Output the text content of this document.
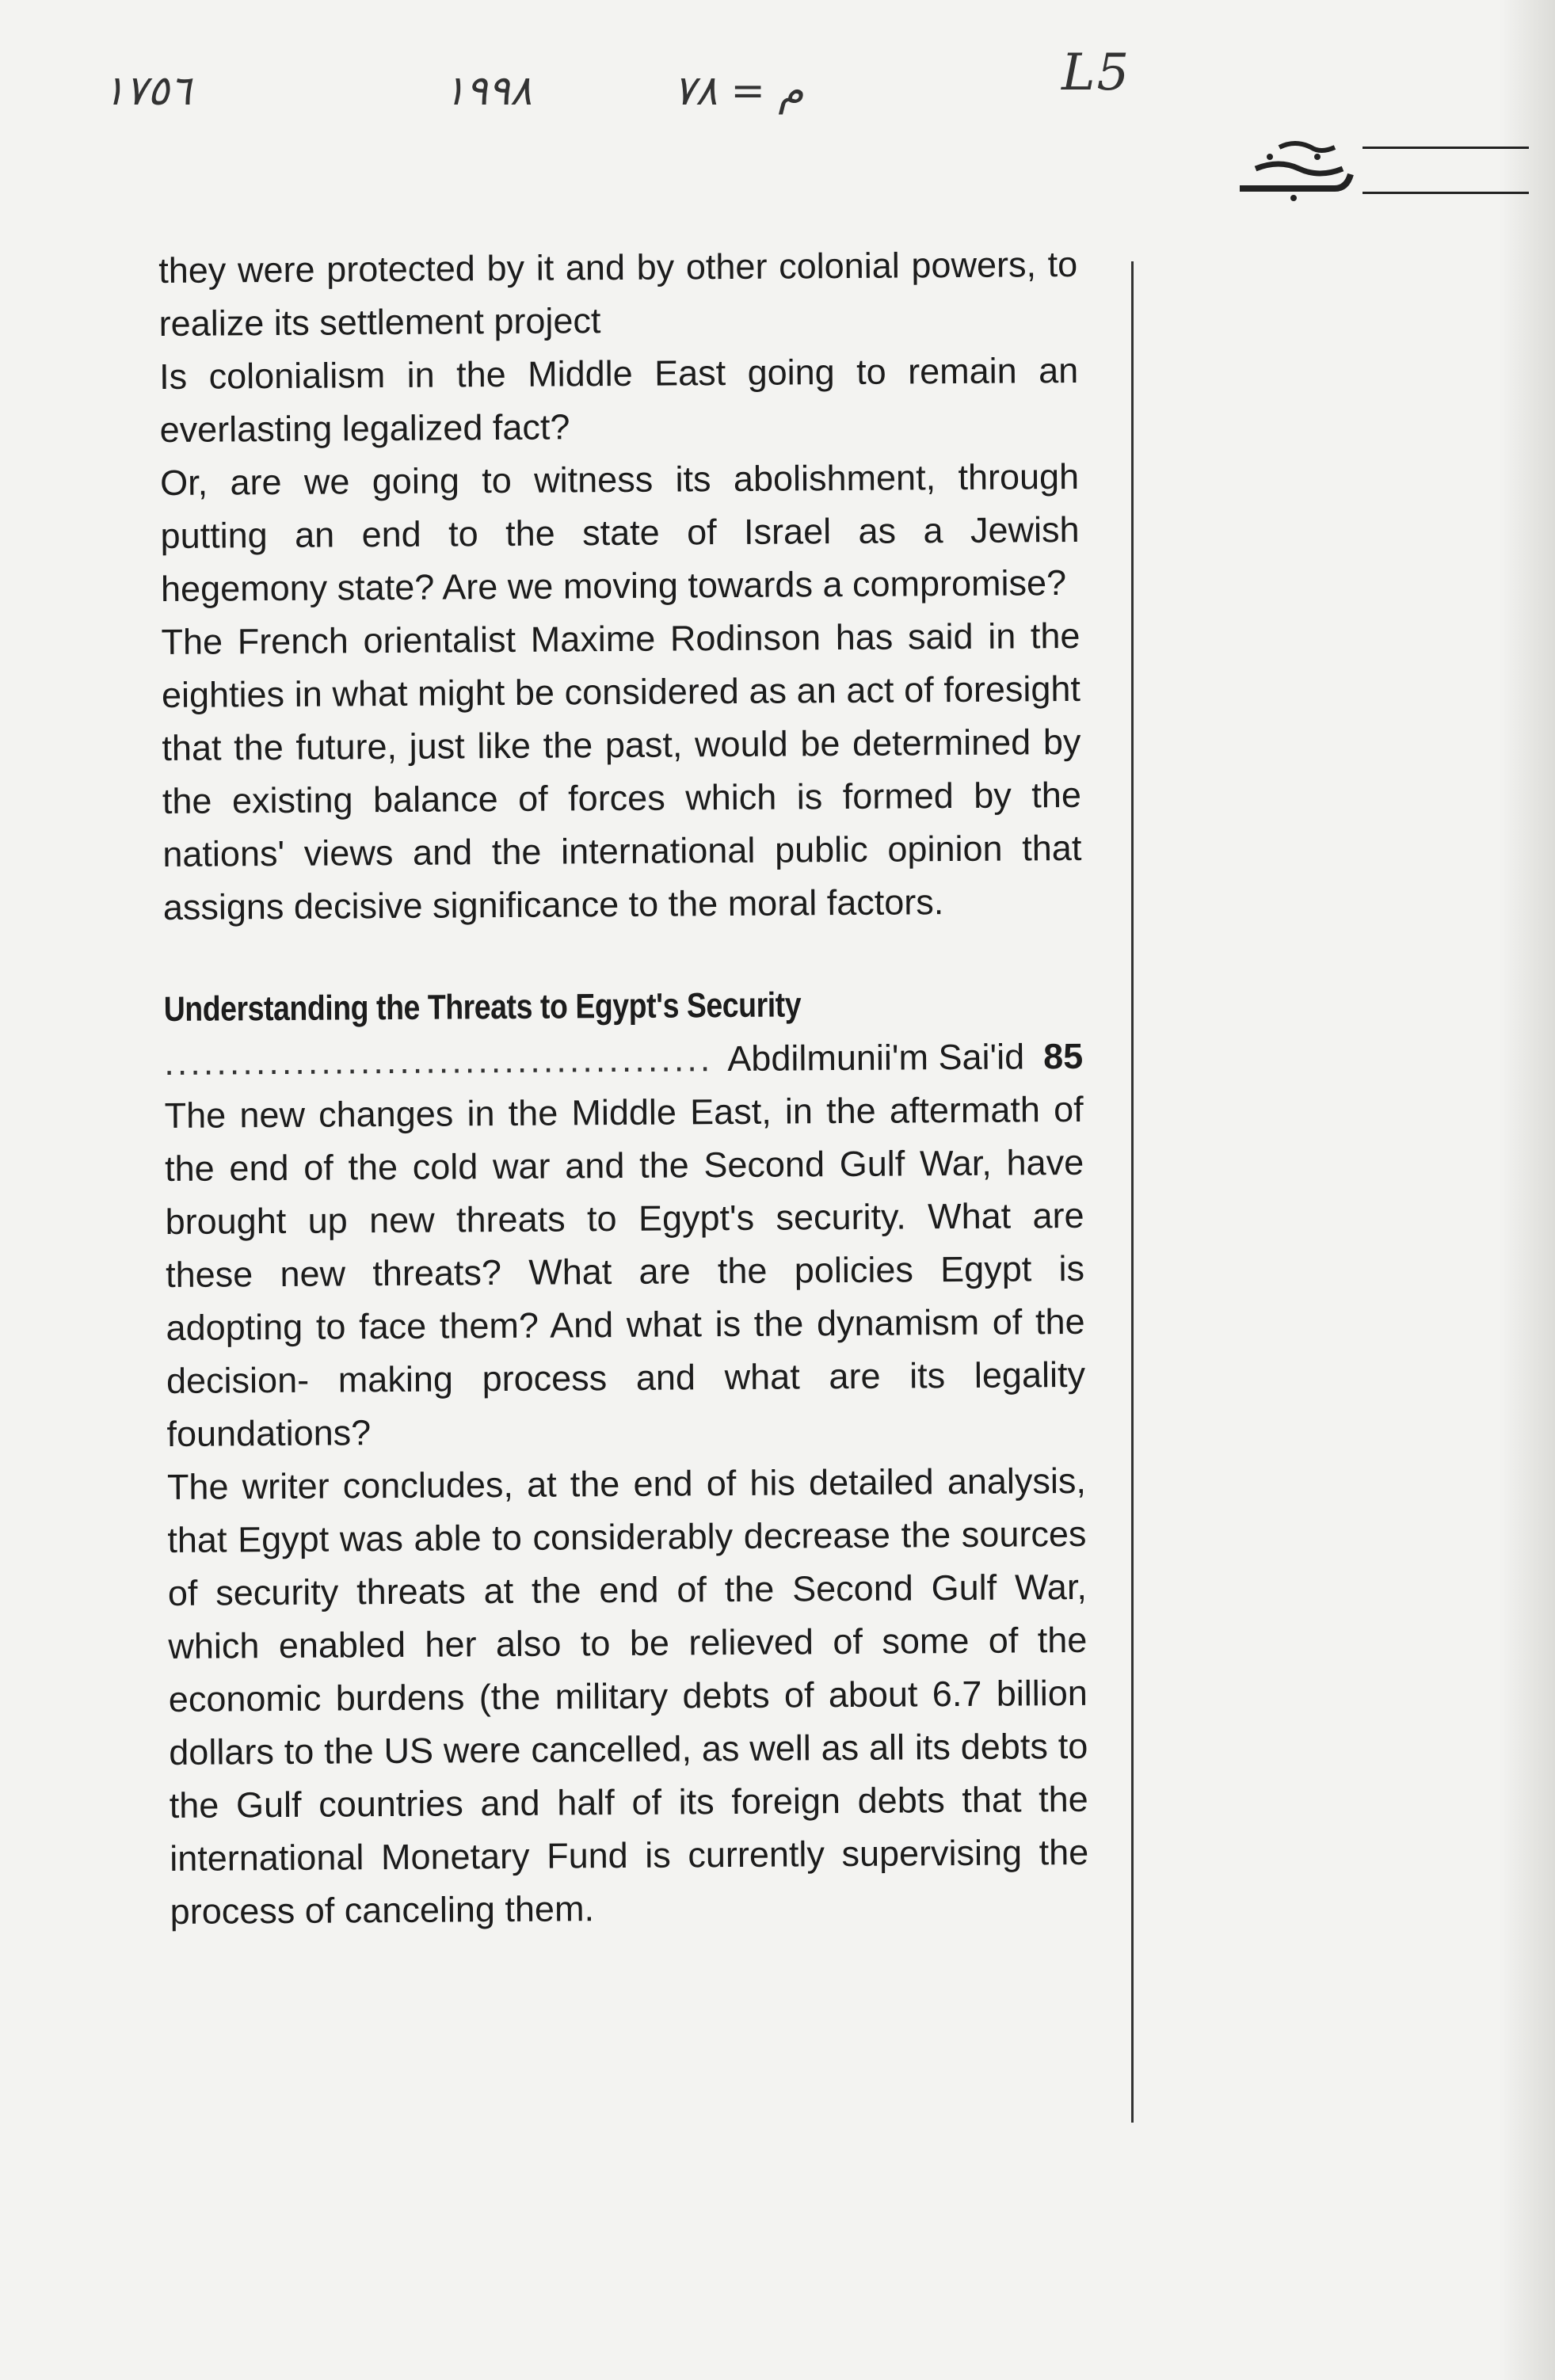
١٧٥٦	١٩٩٨	م = ٧٨	L5

they were protected by it and by other colonial powers, to realize its settlement project

Is colonialism in the Middle East going to remain an everlasting legalized fact?

Or, are we going to witness its abolishment, through putting an end to the state of Israel as a Jewish hegemony state? Are we moving towards a compromise?

The French orientalist Maxime Rodinson has said in the eighties in what might be considered as an act of foresight that the future, just like the past, would be determined by the existing balance of forces which is formed by the nations' views and the international public opinion that assigns decisive significance to the moral factors.

Understanding the Threats to Egypt's Security

.......................................... Abdilmunii'm Sai'id 85

The new changes in the Middle East, in the aftermath of the end of the cold war and the Second Gulf War, have brought up new threats to Egypt's security. What are these new threats? What are the policies Egypt is adopting to face them? And what is the dynamism of the decision- making process and what are its legality foundations?

The writer concludes, at the end of his detailed analysis, that Egypt was able to considerably decrease the sources of security threats at the end of the Second Gulf War, which enabled her also to be relieved of some of the economic burdens (the military debts of about 6.7 billion dollars to the US were cancelled, as well as all its debts to the Gulf countries and half of its foreign debts that the international Monetary Fund is currently supervising the process of canceling them.
